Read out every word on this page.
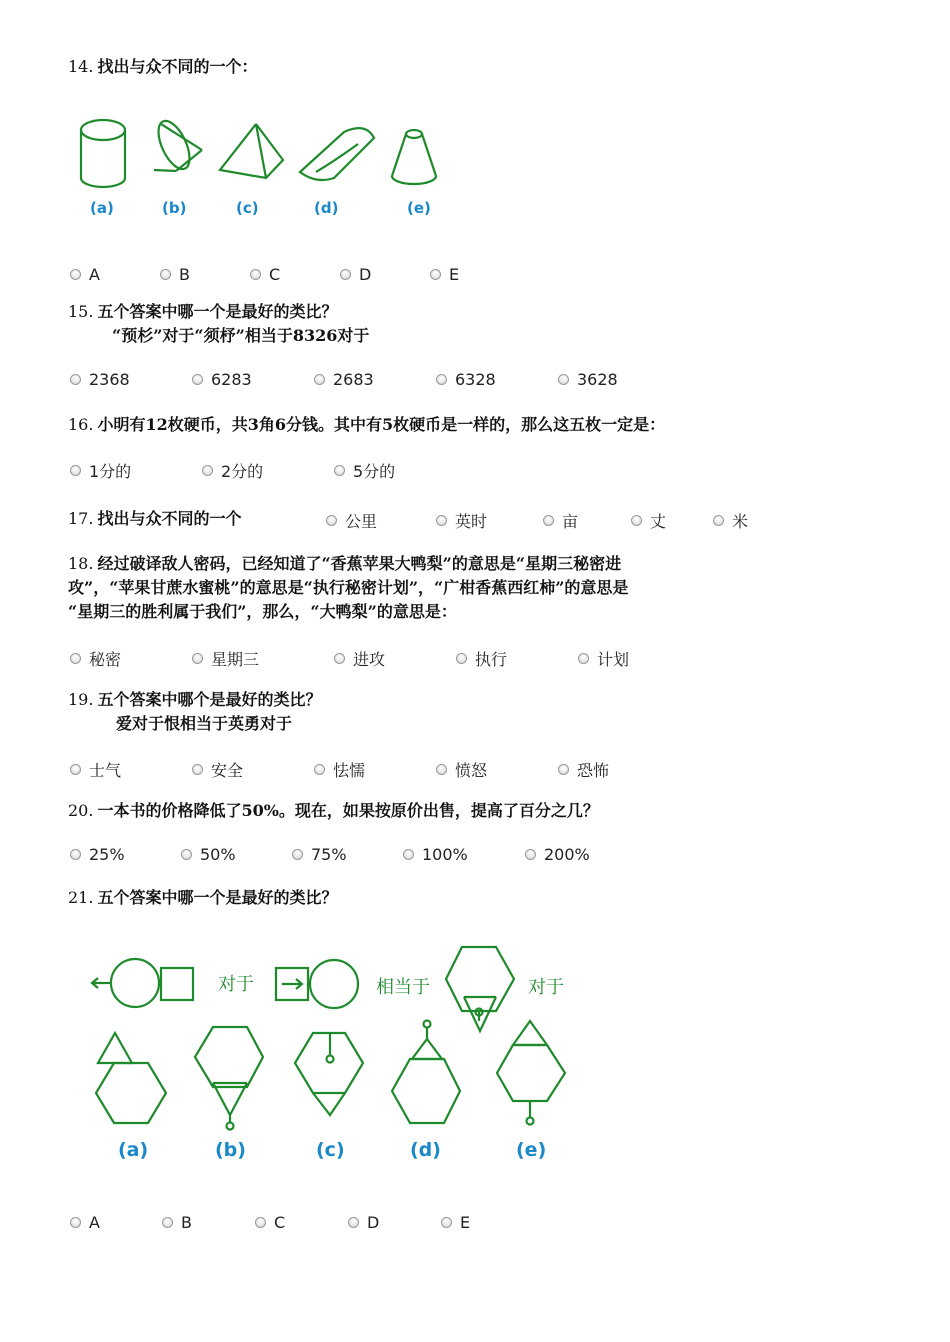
14. 找出与众不同的一个：
(a)	(b)	(c)	(d)	(e)
A	B	C	D	E
15. 五个答案中哪一个是最好的类比？
“预杉”对于“须杼”相当于8326对于
2368	6283	2683	6328	3628
16. 小明有12枚硬币，共3角6分钱。其中有5枚硬币是一样的，那么这五枚一定是：
1分的	2分的	5分的
17. 找出与众不同的一个	公里	英时	亩	丈	米
18. 经过破译敌人密码，已经知道了“香蕉苹果大鸭梨”的意思是“星期三秘密进
攻”，“苹果甘蔗水蜜桃”的意思是“执行秘密计划”，“广柑香蕉西红柿”的意思是
“星期三的胜利属于我们”，那么，“大鸭梨”的意思是：
秘密	星期三	进攻	执行	计划
19. 五个答案中哪个是最好的类比？
爱对于恨相当于英勇对于
士气	安全	怯懦	愤怒	恐怖
20. 一本书的价格降低了50%。现在，如果按原价出售，提高了百分之几？
25%	50%	75%	100%	200%
21. 五个答案中哪一个是最好的类比？
对于	相当于	对于
(a)	(b)	(c)	(d)	(e)
A	B	C	D	E
